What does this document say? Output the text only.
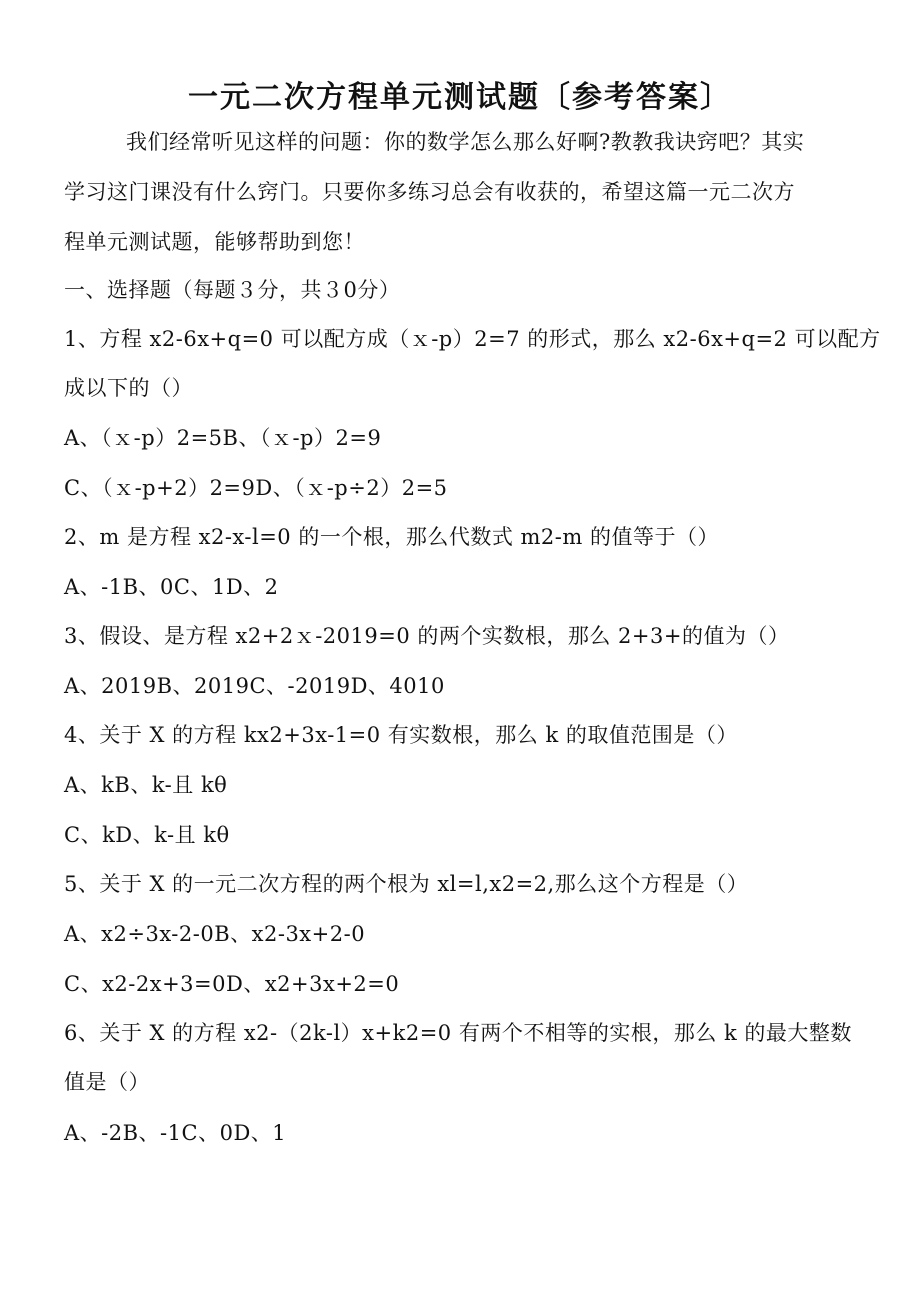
一元二次方程单元测试题〔参考答案〕
我们经常听见这样的问题：你的数学怎么那么好啊?教教我诀窍吧？其实
学习这门课没有什么窍门。只要你多练习总会有收获的，希望这篇一元二次方
程单元测试题，能够帮助到您！
一、选择题（每题３分，共３0分）
1、方程 x2-6x+q=0 可以配方成（ｘ-p）2=7 的形式，那么 x2-6x+q=2 可以配方
成以下的（）
A、（ｘ-p）2=5B、（ｘ-p）2=9
C、（ｘ-p+2）2=9D、（ｘ-p÷2）2=5
2、m 是方程 x2-x-l=0 的一个根，那么代数式 m2-m 的值等于（）
A、-1B、0C、1D、2
3、假设、是方程 x2+2ｘ-2019=0 的两个实数根，那么 2+3+的值为（）
A、2019B、2019C、-2019D、4010
4、关于 X 的方程 kx2+3x-1=0 有实数根，那么 k 的取值范围是（）
A、kB、k-且 kθ
C、kD、k-且 kθ
5、关于 X 的一元二次方程的两个根为 xl=l,x2=2,那么这个方程是（）
A、x2÷3x-2-0B、x2-3x+2-0
C、x2-2x+3=0D、x2+3x+2=0
6、关于 X 的方程 x2-（2k-l）x+k2=0 有两个不相等的实根，那么 k 的最大整数
值是（）
A、-2B、-1C、0D、1
